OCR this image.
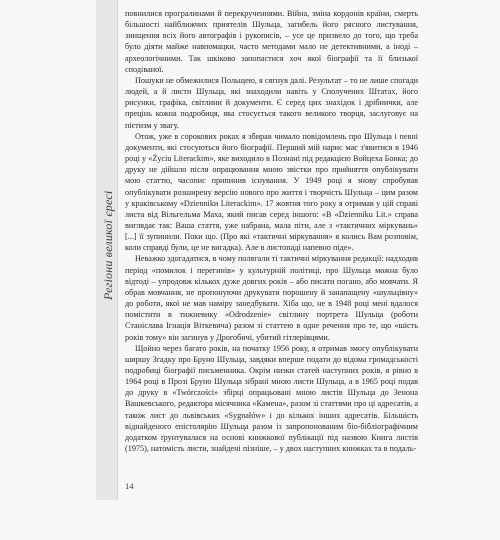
Регіони великої єресі

повнилися програлинами й перекрученнями. Війна, зміна кордонів країни, смерть більшості найближчих приятелів Шульца, загибель його рясного листування, знищення всіх його автографів і рукописів, – усе це призвело до того, що треба було діяти майже навпомацки, часто методами мало не детективними, а іноді – археологічними. Так шкіково запопастися хоч якої біографії та її близької сподіваної.

Пошуки не обмежилися Польщею, я сягнув далі. Результат – то не лише спогади людей, а й листи Шульца, які знаходили навіть у Сполучених Штатах, його рисунки, графіка, світлини й документи. Є серед цих знахідок і дрібнички, але прецінь кожна подробиця, яка стосується такого великого творця, заслуговує на пієтизм у звагу.

Отож, уже в сорокових роках я збирав чимало повідомлень про Шульца і певні документи, які стосуються його біографії. Перший мій нарис має з'явитися в 1946 році у «Życiu Literackim», яке виходило в Познані під редакцією Войцеха Бонка; до друку не дійшло після опрацювання мною звістки про прийняття опублікувати мою статтю, часопис припинив існування. У 1949 році я знову спробував опублікувати розширену версію нового про життя і творчість Шульца – цим разом у краківському «Dziennikи Literackim». 17 жовтня того року я отримав у цій справі листа від Вільгельма Маха, який писав серед іншого: «В «Dzienniku Lit.» справа виглядає так: Ваша стаття, уже набрана, мала піти, але з «тактичних міркувань» [...] її зупинили. Поки що. (Про які «тактичні міркування» я колись Вам розповім, коли справді були, це не вигадка). Але в листопаді напевно піде».

Неважко здогадатися, в чому полягали ті тактичні міркування редакції: надходив період «помилок і перегинів» у культурній політиці, про Шульца можна було відтоді – упродовж кількох дуже довгих років – або писати погано, або мовчати. Я обрав мовчання, не пропонуючи друкувати порошену й занапащену «шульцівну» до роботи, якої не мав наміру занедбувати. Хіба що, не в 1948 році мені вдалося помістити в тижневику «Odrodzenie» світлину портрета Шульца (роботи Станіслава Ігнація Віткевича) разом зі статтею в одне речення про те, що «шість років тому» він загинув у Дрогобичі, убитий гітлерівцями.

Щойно через багато років, на початку 1956 року, я отримав змогу опублікувати ширшу Згадку про Бруно Шульца, завдяки вперше подати до відома громадськості подробиці біографії письменника. Окрім низки статей наступних років, я рівно в 1964 році в Прозі Бруно Шульца зібрані мною листи Шульца, а в 1965 році подав до друку в «Twórczości» збірці опрацьовані мною листів Шульца до Зенона Вашкевського, редактора місячника «Камена», разом зі статтями про ці адресатів, а також лист до львівських «Sygnałów» і до кількох інших адресатів. Більшість віднайденого епістолярію Шульца разом із запропонованим біо-бібліографічним додатком ґрунтувалася на основі книжкової публікації під назвою Книга листів (1975), натомість листи, знайдені пізніше, – у двох наступних книжках та в подаль-

14
